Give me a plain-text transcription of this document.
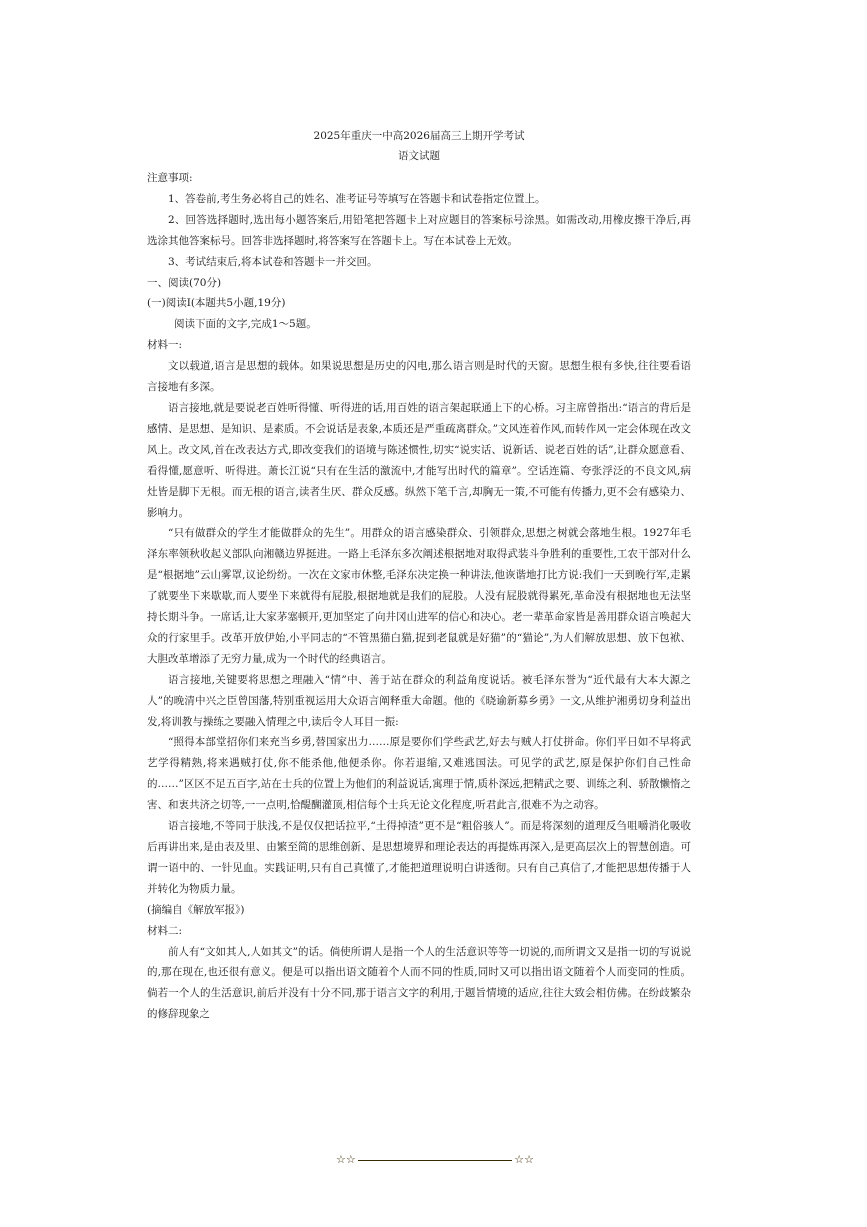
2025年重庆一中高2026届高三上期开学考试
语文试题
注意事项:

1、答卷前,考生务必将自己的姓名、准考证号等填写在答题卡和试卷指定位置上。

2、回答选择题时,选出每小题答案后,用铅笔把答题卡上对应题目的答案标号涂黑。如需改动,用橡皮擦干净后,再选涂其他答案标号。回答非选择题时,将答案写在答题卡上。写在本试卷上无效。

3、考试结束后,将本试卷和答题卡一并交回。

一、阅读(70分)
(一)阅读Ⅰ(本题共5小题,19分)
阅读下面的文字,完成1～5题。
材料一:

文以载道,语言是思想的载体。如果说思想是历史的闪电,那么语言则是时代的天窗。思想生根有多快,往往要看语言接地有多深。

语言接地,就是要说老百姓听得懂、听得进的话,用百姓的语言架起联通上下的心桥。习主席曾指出:“语言的背后是感情、是思想、是知识、是素质。不会说话是表象,本质还是严重疏离群众。”文风连着作风,而转作风一定会体现在改文风上。改文风,首在改表达方式,即改变我们的语境与陈述惯性,切实“说实话、说新话、说老百姓的话”,让群众愿意看、看得懂,愿意听、听得进。萧长江说“只有在生活的激流中,才能写出时代的篇章”。空话连篇、夸张浮泛的不良文风,病灶皆是脚下无根。而无根的语言,读者生厌、群众反感。纵然下笔千言,却胸无一策,不可能有传播力,更不会有感染力、影响力。

“只有做群众的学生才能做群众的先生”。用群众的语言感染群众、引领群众,思想之树就会落地生根。1927年毛泽东率领秋收起义部队向湘赣边界挺进。一路上毛泽东多次阐述根据地对取得武装斗争胜利的重要性,工农干部对什么是“根据地”云山雾罩,议论纷纷。一次在文家市休整,毛泽东决定换一种讲法,他诙谐地打比方说:我们一天到晚行军,走累了就要坐下来歇歇,而人要坐下来就得有屁股,根据地就是我们的屁股。人没有屁股就得累死,革命没有根据地也无法坚持长期斗争。一席话,让大家茅塞顿开,更加坚定了向井冈山进军的信心和决心。老一辈革命家皆是善用群众语言唤起大众的行家里手。改革开放伊始,小平同志的“不管黑猫白猫,捉到老鼠就是好猫”的“猫论”,为人们解放思想、放下包袱、大胆改革增添了无穷力量,成为一个时代的经典语言。

语言接地,关键要将思想之理融入“情”中、善于站在群众的利益角度说话。被毛泽东誉为“近代最有大本大源之人”的晚清中兴之臣曾国藩,特别重视运用大众语言阐释重大命题。他的《晓谕新募乡勇》一文,从维护湘勇切身利益出发,将训教与操练之要融入情理之中,读后令人耳目一振:

“照得本部堂招你们来充当乡勇,替国家出力……原是要你们学些武艺,好去与贼人打仗拼命。你们平日如不早将武艺学得精熟,将来遇贼打仗,你不能杀他,他便杀你。你若退缩,又难逃国法。可见学的武艺,原是保护你们自己性命的……”区区不足五百字,站在士兵的位置上为他们的利益说话,寓理于情,质朴深远,把精武之要、训练之利、骄散懒惰之害、和衷共济之切等,一一点明,恰醍醐灌顶,相信每个士兵无论文化程度,听君此言,很难不为之动容。

语言接地,不等同于肤浅,不是仅仅把话拉平,“土得掉渣”更不是“粗俗骇人”。而是将深刻的道理反刍咀嚼消化吸收后再讲出来,是由表及里、由繁至简的思维创新、是思想境界和理论表达的再提炼再深入,是更高层次上的智慧创造。可谓一语中的、一针见血。实践证明,只有自己真懂了,才能把道理说明白讲透彻。只有自己真信了,才能把思想传播于人并转化为物质力量。

(摘编自《解放军报》)
材料二:

前人有“文如其人,人如其文”的话。倘使所谓人是指一个人的生活意识等等一切说的,而所谓文又是指一切的写说说的,那在现在,也还很有意义。便是可以指出语文随着个人而不同的性质,同时又可以指出语文随着个人而变同的性质。倘若一个人的生活意识,前后并没有十分不同,那于语言文字的利用,于题旨情境的适应,往往大致会相仿佛。在纷歧繁杂的修辞现象之

☆☆	☆☆
